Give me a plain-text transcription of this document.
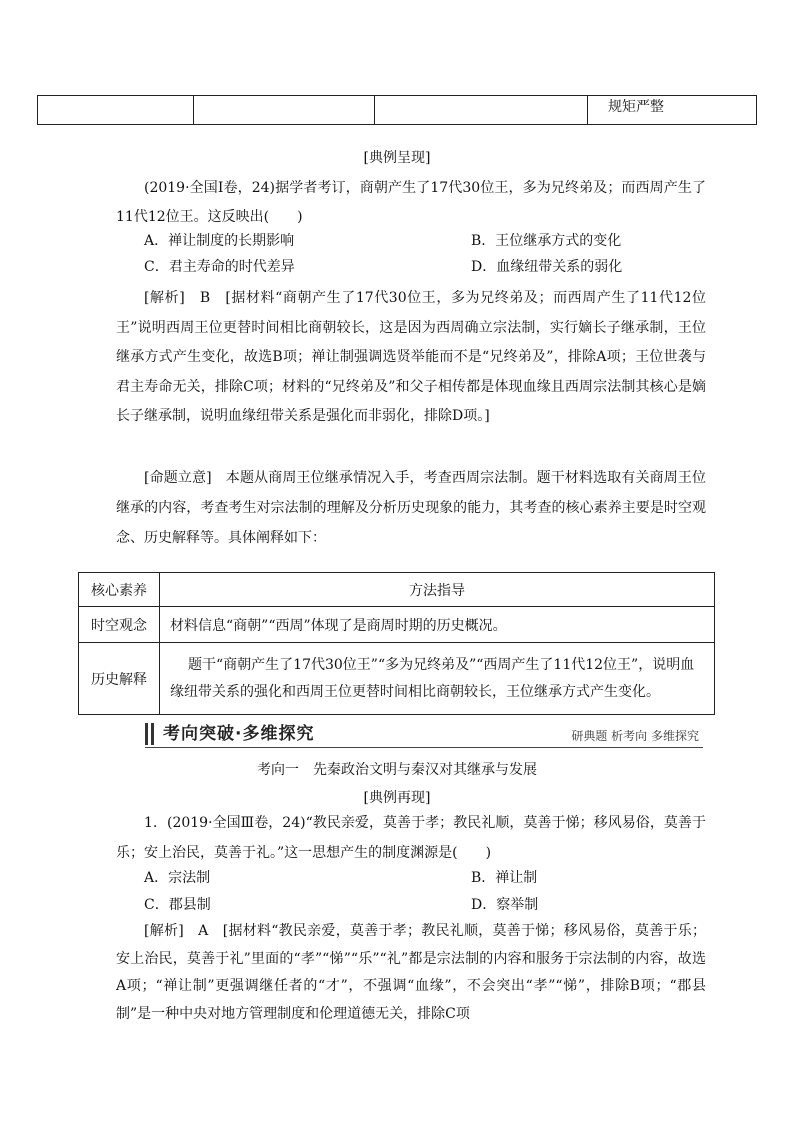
			规矩严整
[典例呈现]
(2019·全国Ⅰ卷，24)据学者考订，商朝产生了17代30位王，多为兄终弟及；而西周产生了11代12位王。这反映出(　　)
A．禅让制度的长期影响	B．王位继承方式的变化
C．君主寿命的时代差异	D．血缘纽带关系的弱化
[解析]　B　[据材料“商朝产生了17代30位王，多为兄终弟及；而西周产生了11代12位王”说明西周王位更替时间相比商朝较长，这是因为西周确立宗法制，实行嫡长子继承制，王位继承方式产生变化，故选B项；禅让制强调选贤举能而不是“兄终弟及”，排除A项；王位世袭与君主寿命无关，排除C项；材料的“兄终弟及”和父子相传都是体现血缘且西周宗法制其核心是嫡长子继承制，说明血缘纽带关系是强化而非弱化，排除D项。]
[命题立意]　本题从商周王位继承情况入手，考查西周宗法制。题干材料选取有关商周王位继承的内容，考查考生对宗法制的理解及分析历史现象的能力，其考查的核心素养主要是时空观念、历史解释等。具体阐释如下：
核心素养	方法指导
时空观念	材料信息“商朝”“西周”体现了是商周时期的历史概况。
历史解释	题干“商朝产生了17代30位王”“多为兄终弟及”“西周产生了11代12位王”，说明血缘纽带关系的强化和西周王位更替时间相比商朝较长，王位继承方式产生变化。
考向突破·多维探究	研典题 析考向 多维探究
考向一　先秦政治文明与秦汉对其继承与发展
[典例再现]
1．(2019·全国Ⅲ卷，24)“教民亲爱，莫善于孝；教民礼顺，莫善于悌；移风易俗，莫善于乐；安上治民，莫善于礼。”这一思想产生的制度渊源是(　　)
A．宗法制	B．禅让制
C．郡县制	D．察举制
[解析]　A　[据材料“教民亲爱，莫善于孝；教民礼顺，莫善于悌；移风易俗，莫善于乐；安上治民，莫善于礼”里面的“孝”“悌”“乐”“礼”都是宗法制的内容和服务于宗法制的内容，故选A项；“禅让制”更强调继任者的“才”，不强调“血缘”，不会突出“孝”“悌”，排除B项；“郡县制”是一种中央对地方管理制度和伦理道德无关，排除C项
